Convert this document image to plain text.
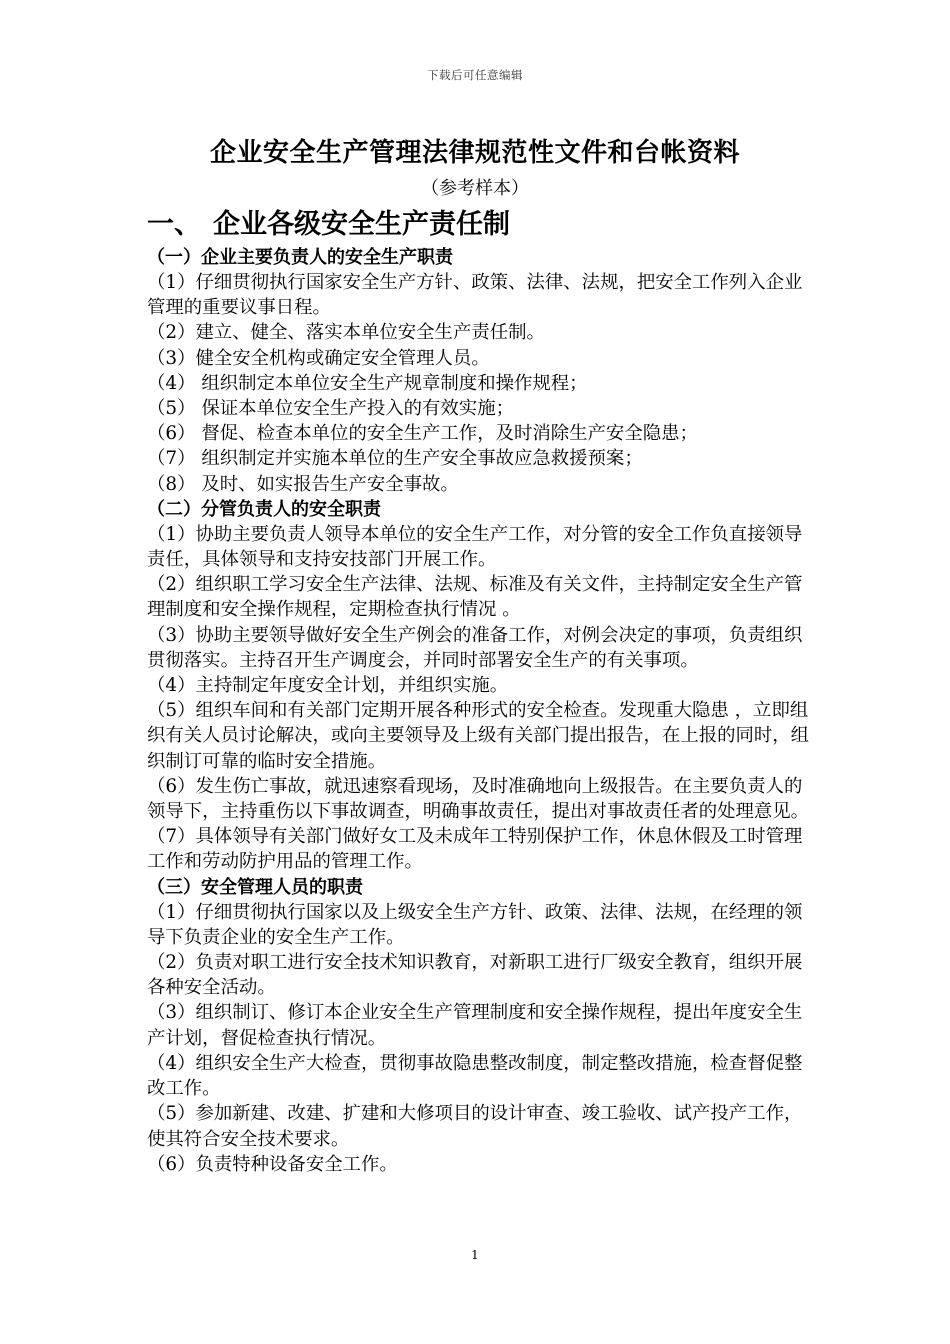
下载后可任意编辑
企业安全生产管理法律规范性文件和台帐资料
（参考样本）
一、 企业各级安全生产责任制
（一）企业主要负责人的安全生产职责
（1）仔细贯彻执行国家安全生产方针、政策、法律、法规，把安全工作列入企业管理的重要议事日程。
（2）建立、健全、落实本单位安全生产责任制。
（3）健全安全机构或确定安全管理人员。
（4） 组织制定本单位安全生产规章制度和操作规程；
（5） 保证本单位安全生产投入的有效实施；
（6） 督促、检查本单位的安全生产工作，及时消除生产安全隐患；
（7） 组织制定并实施本单位的生产安全事故应急救援预案；
（8） 及时、如实报告生产安全事故。
（二）分管负责人的安全职责
（1）协助主要负责人领导本单位的安全生产工作，对分管的安全工作负直接领导责任，具体领导和支持安技部门开展工作。
（2）组织职工学习安全生产法律、法规、标准及有关文件，主持制定安全生产管理制度和安全操作规程，定期检查执行情况 。
（3）协助主要领导做好安全生产例会的准备工作，对例会决定的事项，负责组织贯彻落实。主持召开生产调度会，并同时部署安全生产的有关事项。
（4）主持制定年度安全计划，并组织实施。
（5）组织车间和有关部门定期开展各种形式的安全检查。发现重大隐患 ，立即组织有关人员讨论解决，或向主要领导及上级有关部门提出报告，在上报的同时，组织制订可靠的临时安全措施。
（6）发生伤亡事故，就迅速察看现场，及时准确地向上级报告。在主要负责人的领导下，主持重伤以下事故调查，明确事故责任，提出对事故责任者的处理意见。
（7）具体领导有关部门做好女工及未成年工特别保护工作，休息休假及工时管理工作和劳动防护用品的管理工作。
（三）安全管理人员的职责
（1）仔细贯彻执行国家以及上级安全生产方针、政策、法律、法规，在经理的领导下负责企业的安全生产工作。
（2）负责对职工进行安全技术知识教育，对新职工进行厂级安全教育，组织开展各种安全活动。
（3）组织制订、修订本企业安全生产管理制度和安全操作规程，提出年度安全生产计划，督促检查执行情况。
（4）组织安全生产大检查，贯彻事故隐患整改制度，制定整改措施，检查督促整改工作。
（5）参加新建、改建、扩建和大修项目的设计审查、竣工验收、试产投产工作，使其符合安全技术要求。
（6）负责特种设备安全工作。
1
